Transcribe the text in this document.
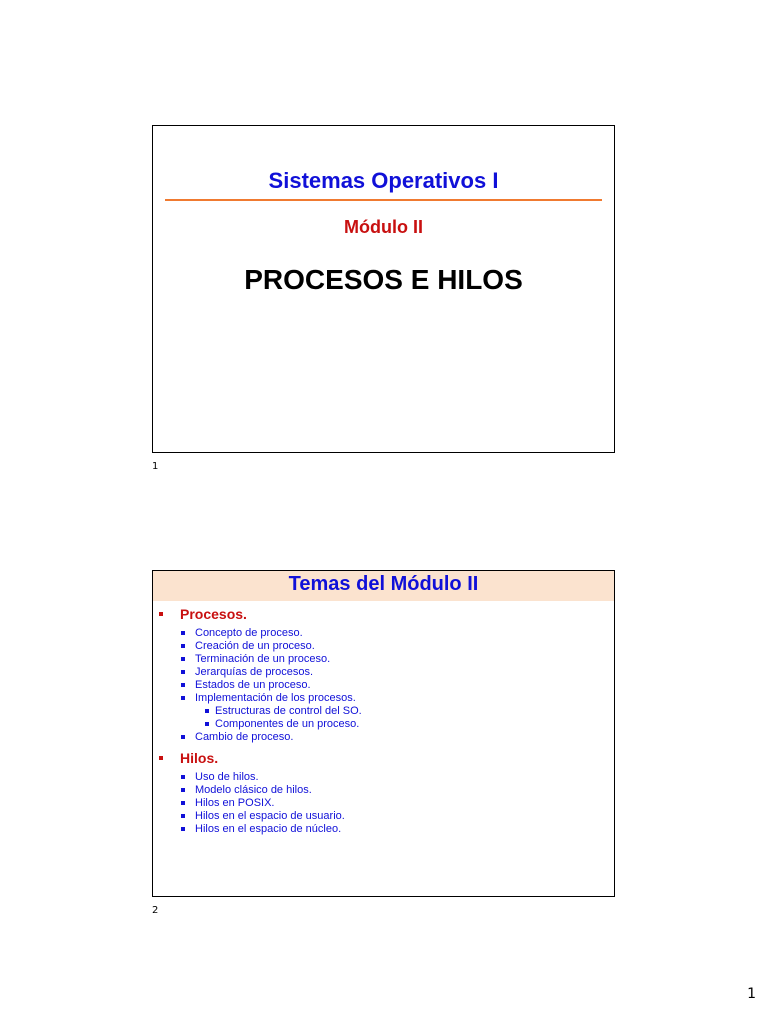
Sistemas Operativos I
Módulo II
PROCESOS E HILOS
1
Temas del Módulo II
Procesos.
Concepto de proceso.
Creación de un proceso.
Terminación de un proceso.
Jerarquías de procesos.
Estados de un proceso.
Implementación de los procesos.
Estructuras de control del SO.
Componentes de un proceso.
Cambio de proceso.
Hilos.
Uso de hilos.
Modelo clásico de hilos.
Hilos en POSIX.
Hilos en el espacio de usuario.
Hilos en el espacio de núcleo.
2
1
